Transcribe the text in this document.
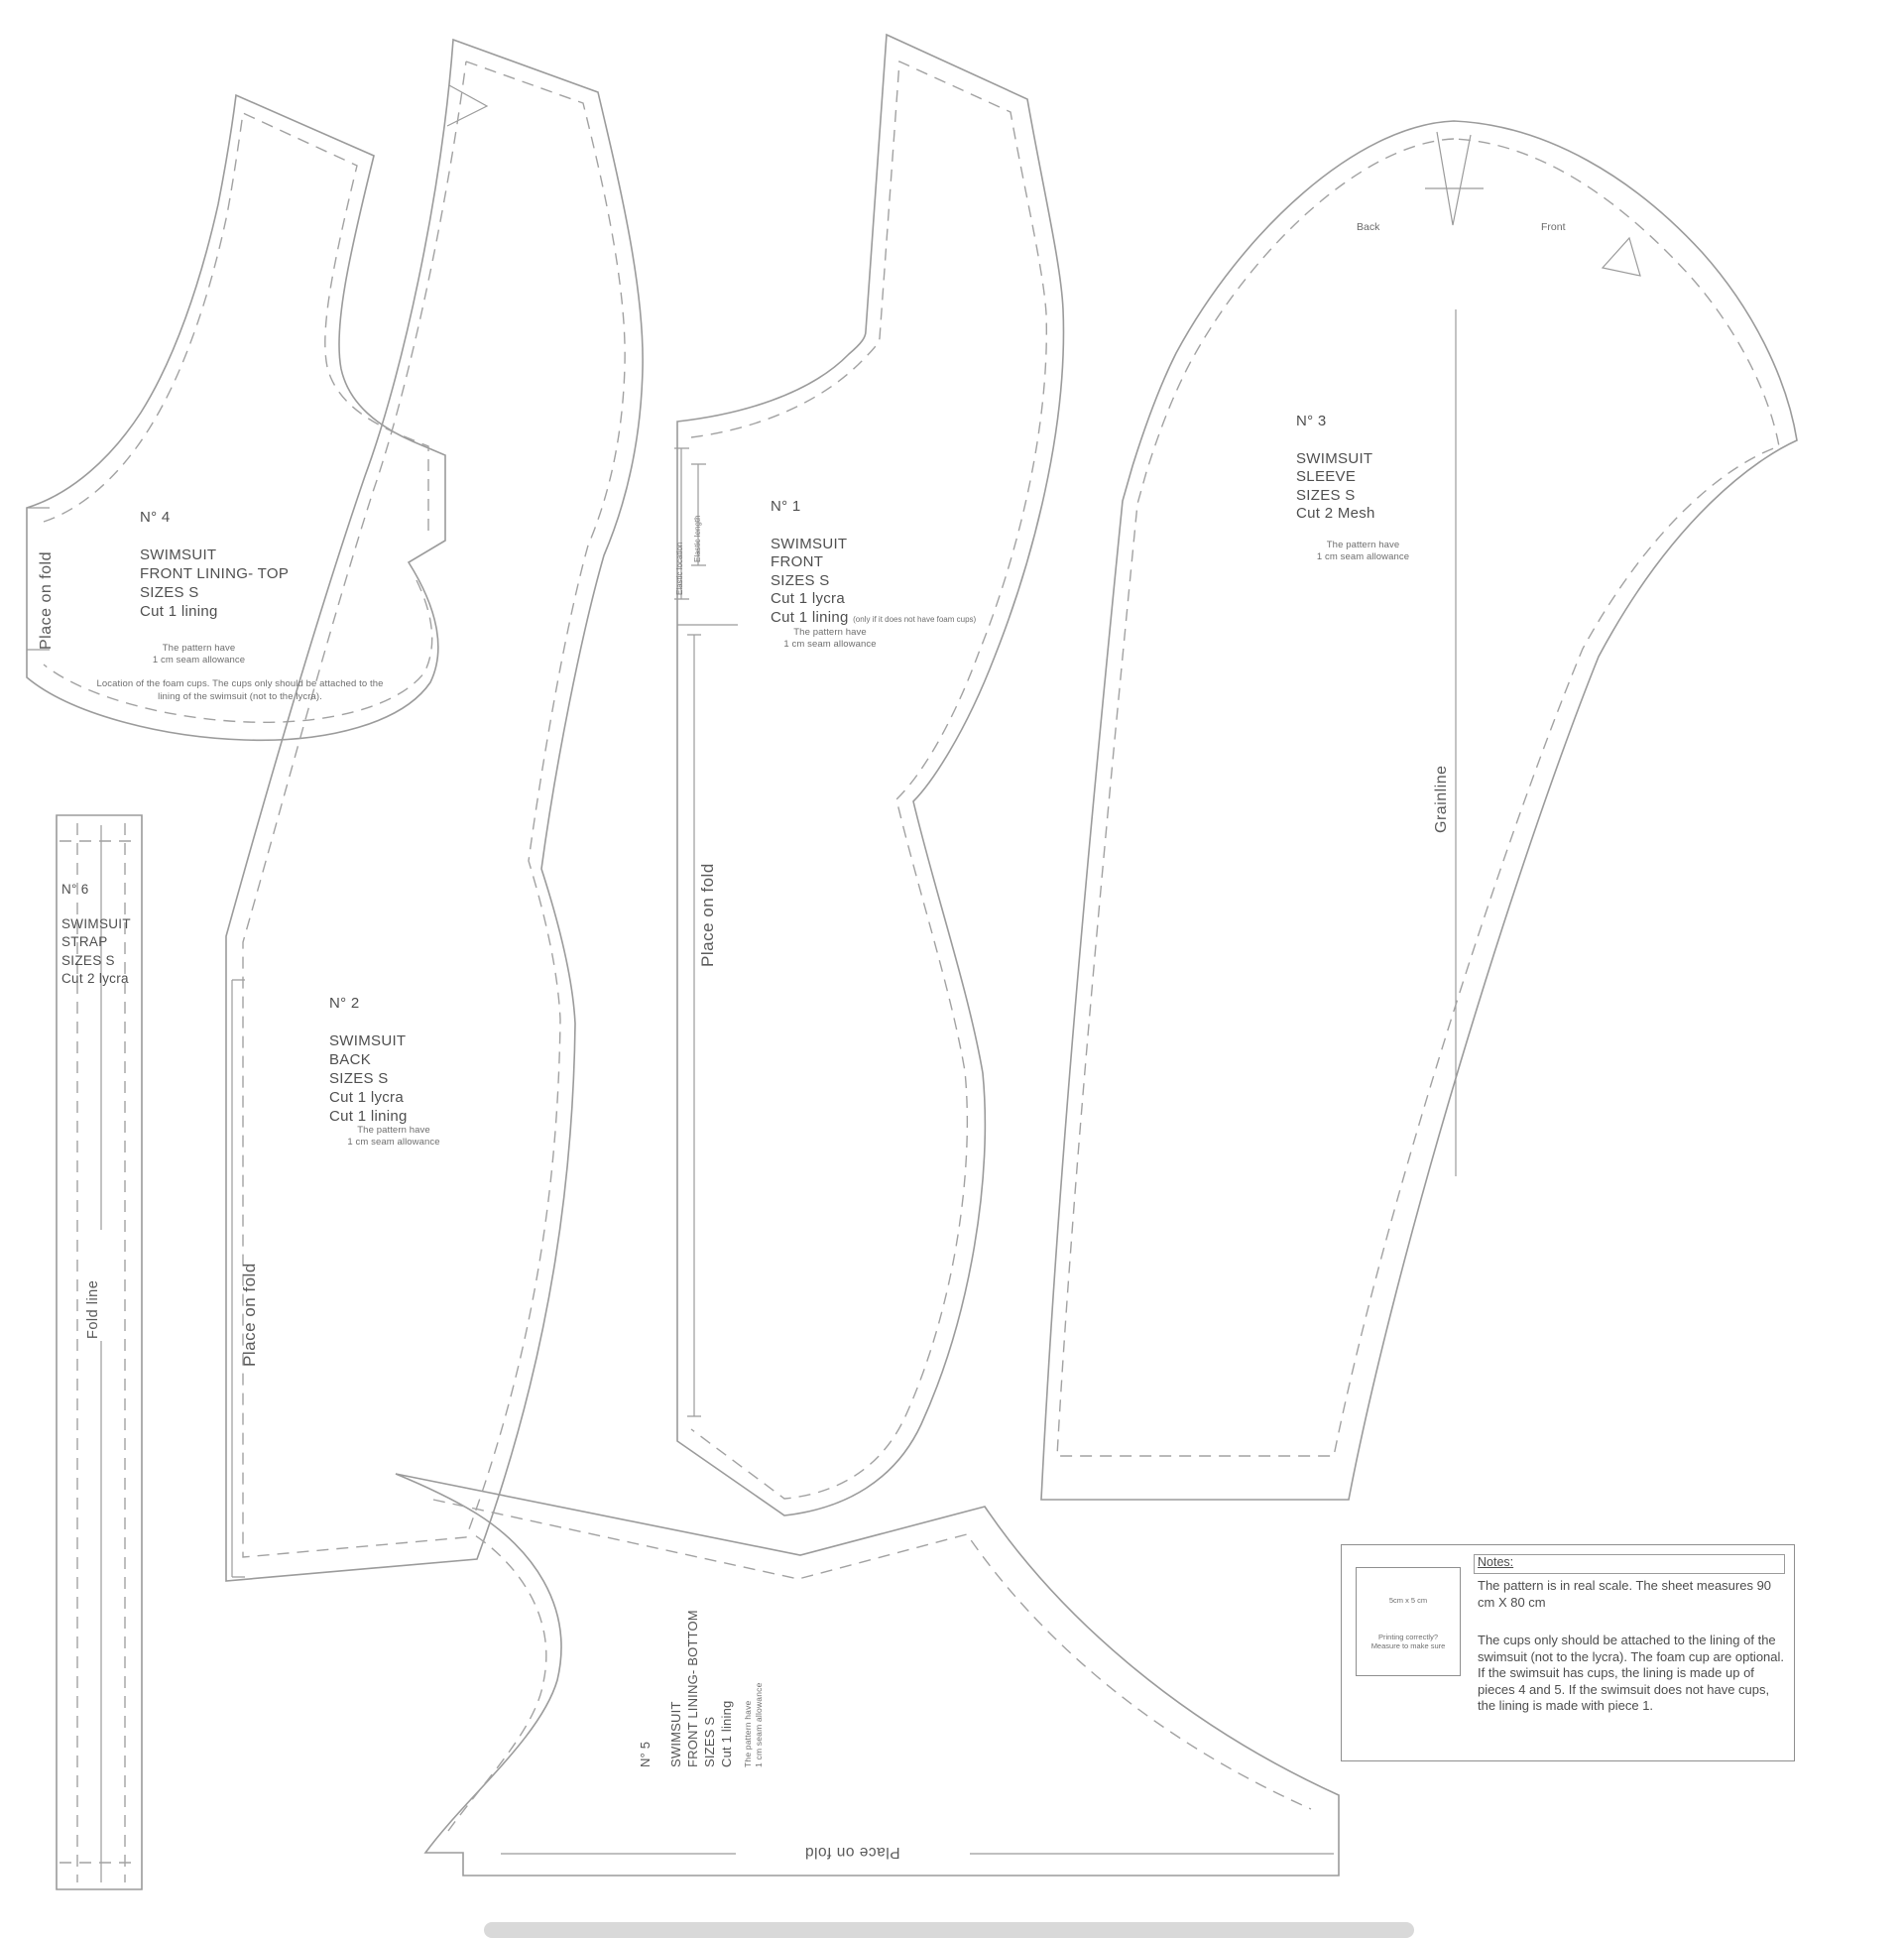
N° 4
SWIMSUIT
FRONT LINING- TOP
SIZES S
Cut 1 lining
The pattern have
1 cm seam allowance
Location of the foam cups. The cups only should be attached to the lining of the swimsuit (not to the lycra).
Place on fold
N° 6
SWIMSUIT
STRAP
SIZES S
Cut 2 lycra
Fold line
N° 2
SWIMSUIT
BACK
SIZES S
Cut 1 lycra
Cut 1 lining
The pattern have
1 cm seam allowance
Place on fold
N° 1
SWIMSUIT
FRONT
SIZES S
Cut 1 lycra
Cut 1 lining (only if it does not have foam cups)
The pattern have
1 cm seam allowance
Place on fold
Elastic location
Elastic length
N° 3
SWIMSUIT
SLEEVE
SIZES S
Cut 2 Mesh
The pattern have
1 cm seam allowance
Back	Front
Grainline
N° 5 SWIMSUIT FRONT LINING- BOTTOM SIZES S Cut 1 lining The pattern have 1 cm seam allowance
Place on fold
5cm x 5 cm
Printing correctly?
Measure to make sure
Notes:
The pattern is in real scale. The sheet measures 90 cm X 80 cm
The cups only should be attached to the lining of the swimsuit (not to the lycra). The foam cup are optional. If the swimsuit has cups, the lining is made up of pieces 4 and 5. If the swimsuit does not have cups, the lining is made with piece 1.
